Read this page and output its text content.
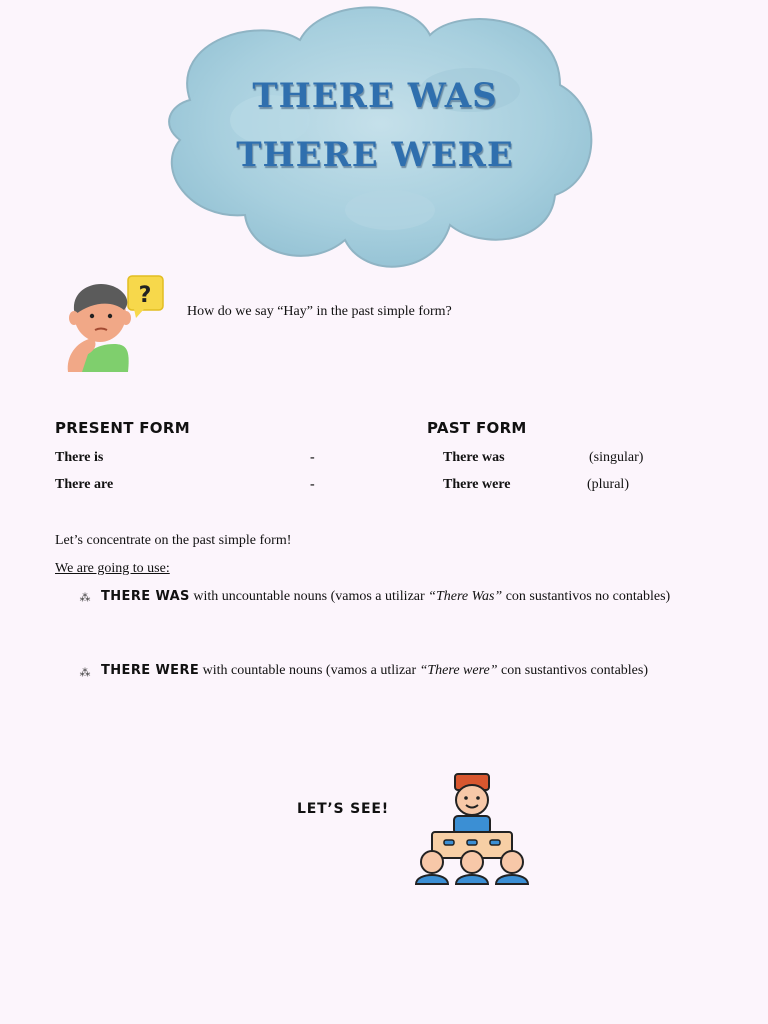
THERE WAS
THERE WERE
?
How do we say “Hay” in the past simple form?
PRESENT FORM	PAST FORM
There is	-	There was	(singular)
There are	-	There were	(plural)
Let’s concentrate on the past simple form!
We are going to use:
⁂ THERE WAS with uncountable nouns (vamos a utilizar “There Was” con sustantivos no contables)
⁂ THERE WERE with countable nouns (vamos a utlizar “There were” con sustantivos contables)
LET’S SEE!
